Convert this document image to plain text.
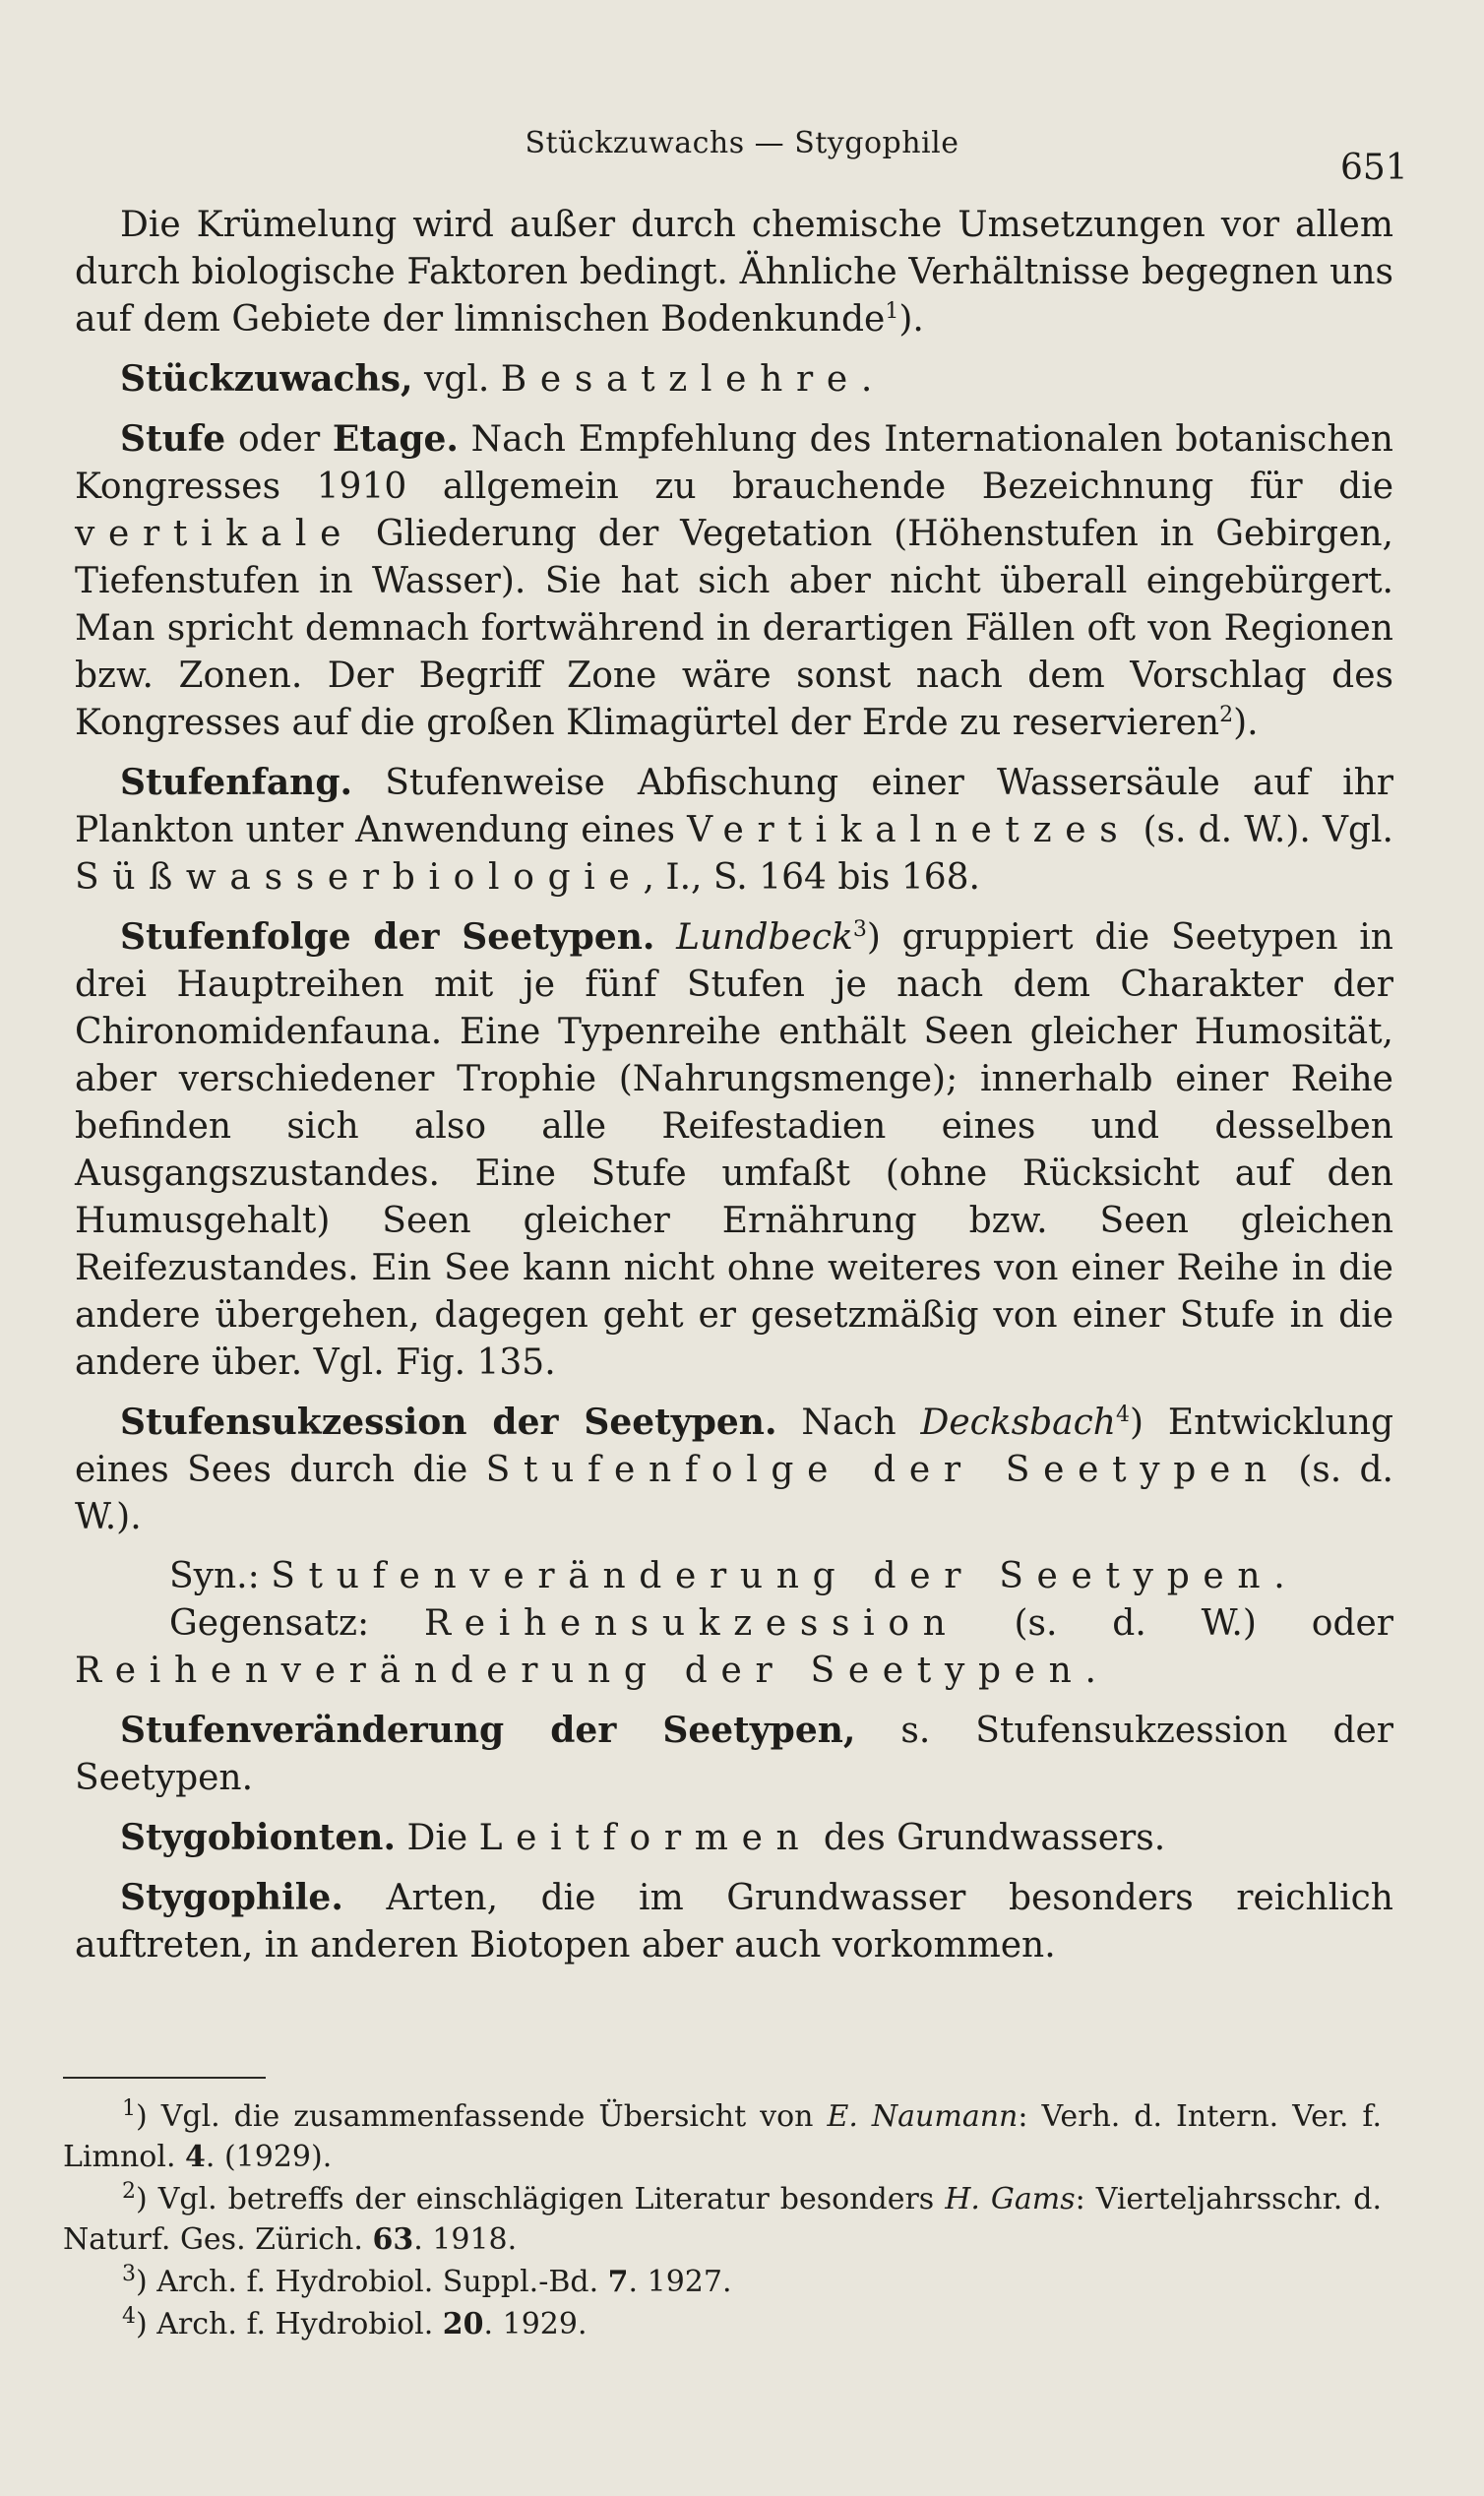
Stückzuwachs — Stygophile
651

Die Krümelung wird außer durch chemische Umsetzungen vor allem durch biologische Faktoren bedingt. Ähnliche Verhältnisse begegnen uns auf dem Gebiete der limnischen Bodenkunde$^1$).

Stückzuwachs, vgl. Besatzlehre.

Stufe oder Etage. Nach Empfehlung des Internationalen botanischen Kongresses 1910 allgemein zu brauchende Bezeichnung für die vertikale Gliederung der Vegetation (Höhenstufen in Gebirgen, Tiefenstufen in Wasser). Sie hat sich aber nicht überall eingebürgert. Man spricht demnach fortwährend in derartigen Fällen oft von Regionen bzw. Zonen. Der Begriff Zone wäre sonst nach dem Vorschlag des Kongresses auf die großen Klimagürtel der Erde zu reservieren$^2$).

Stufenfang. Stufenweise Abfischung einer Wassersäule auf ihr Plankton unter Anwendung eines Vertikalnetzes (s. d. W.). Vgl. Süßwasserbiologie, I., S. 164 bis 168.

Stufenfolge der Seetypen. Lundbeck$^3$) gruppiert die Seetypen in drei Hauptreihen mit je fünf Stufen je nach dem Charakter der Chironomidenfauna. Eine Typenreihe enthält Seen gleicher Humosität, aber verschiedener Trophie (Nahrungsmenge); innerhalb einer Reihe befinden sich also alle Reifestadien eines und desselben Ausgangszustandes. Eine Stufe umfaßt (ohne Rücksicht auf den Humusgehalt) Seen gleicher Ernährung bzw. Seen gleichen Reifezustandes. Ein See kann nicht ohne weiteres von einer Reihe in die andere übergehen, dagegen geht er gesetzmäßig von einer Stufe in die andere über. Vgl. Fig. 135.

Stufensukzession der Seetypen. Nach Decksbach$^4$) Entwicklung eines Sees durch die Stufenfolge der Seetypen (s. d. W.).

Syn.: Stufenveränderung der Seetypen.

Gegensatz: Reihensukzession (s. d. W.) oder Reihenveränderung der Seetypen.

Stufenveränderung der Seetypen, s. Stufensukzession der Seetypen.

Stygobionten. Die Leitformen des Grundwassers.

Stygophile. Arten, die im Grundwasser besonders reichlich auftreten, in anderen Biotopen aber auch vorkommen.

$^1$) Vgl. die zusammenfassende Übersicht von E. Naumann: Verh. d. Intern. Ver. f. Limnol. 4. (1929).

$^2$) Vgl. betreffs der einschlägigen Literatur besonders H. Gams: Vierteljahrsschr. d. Naturf. Ges. Zürich. 63. 1918.

$^3$) Arch. f. Hydrobiol. Suppl.-Bd. 7. 1927.

$^4$) Arch. f. Hydrobiol. 20. 1929.
